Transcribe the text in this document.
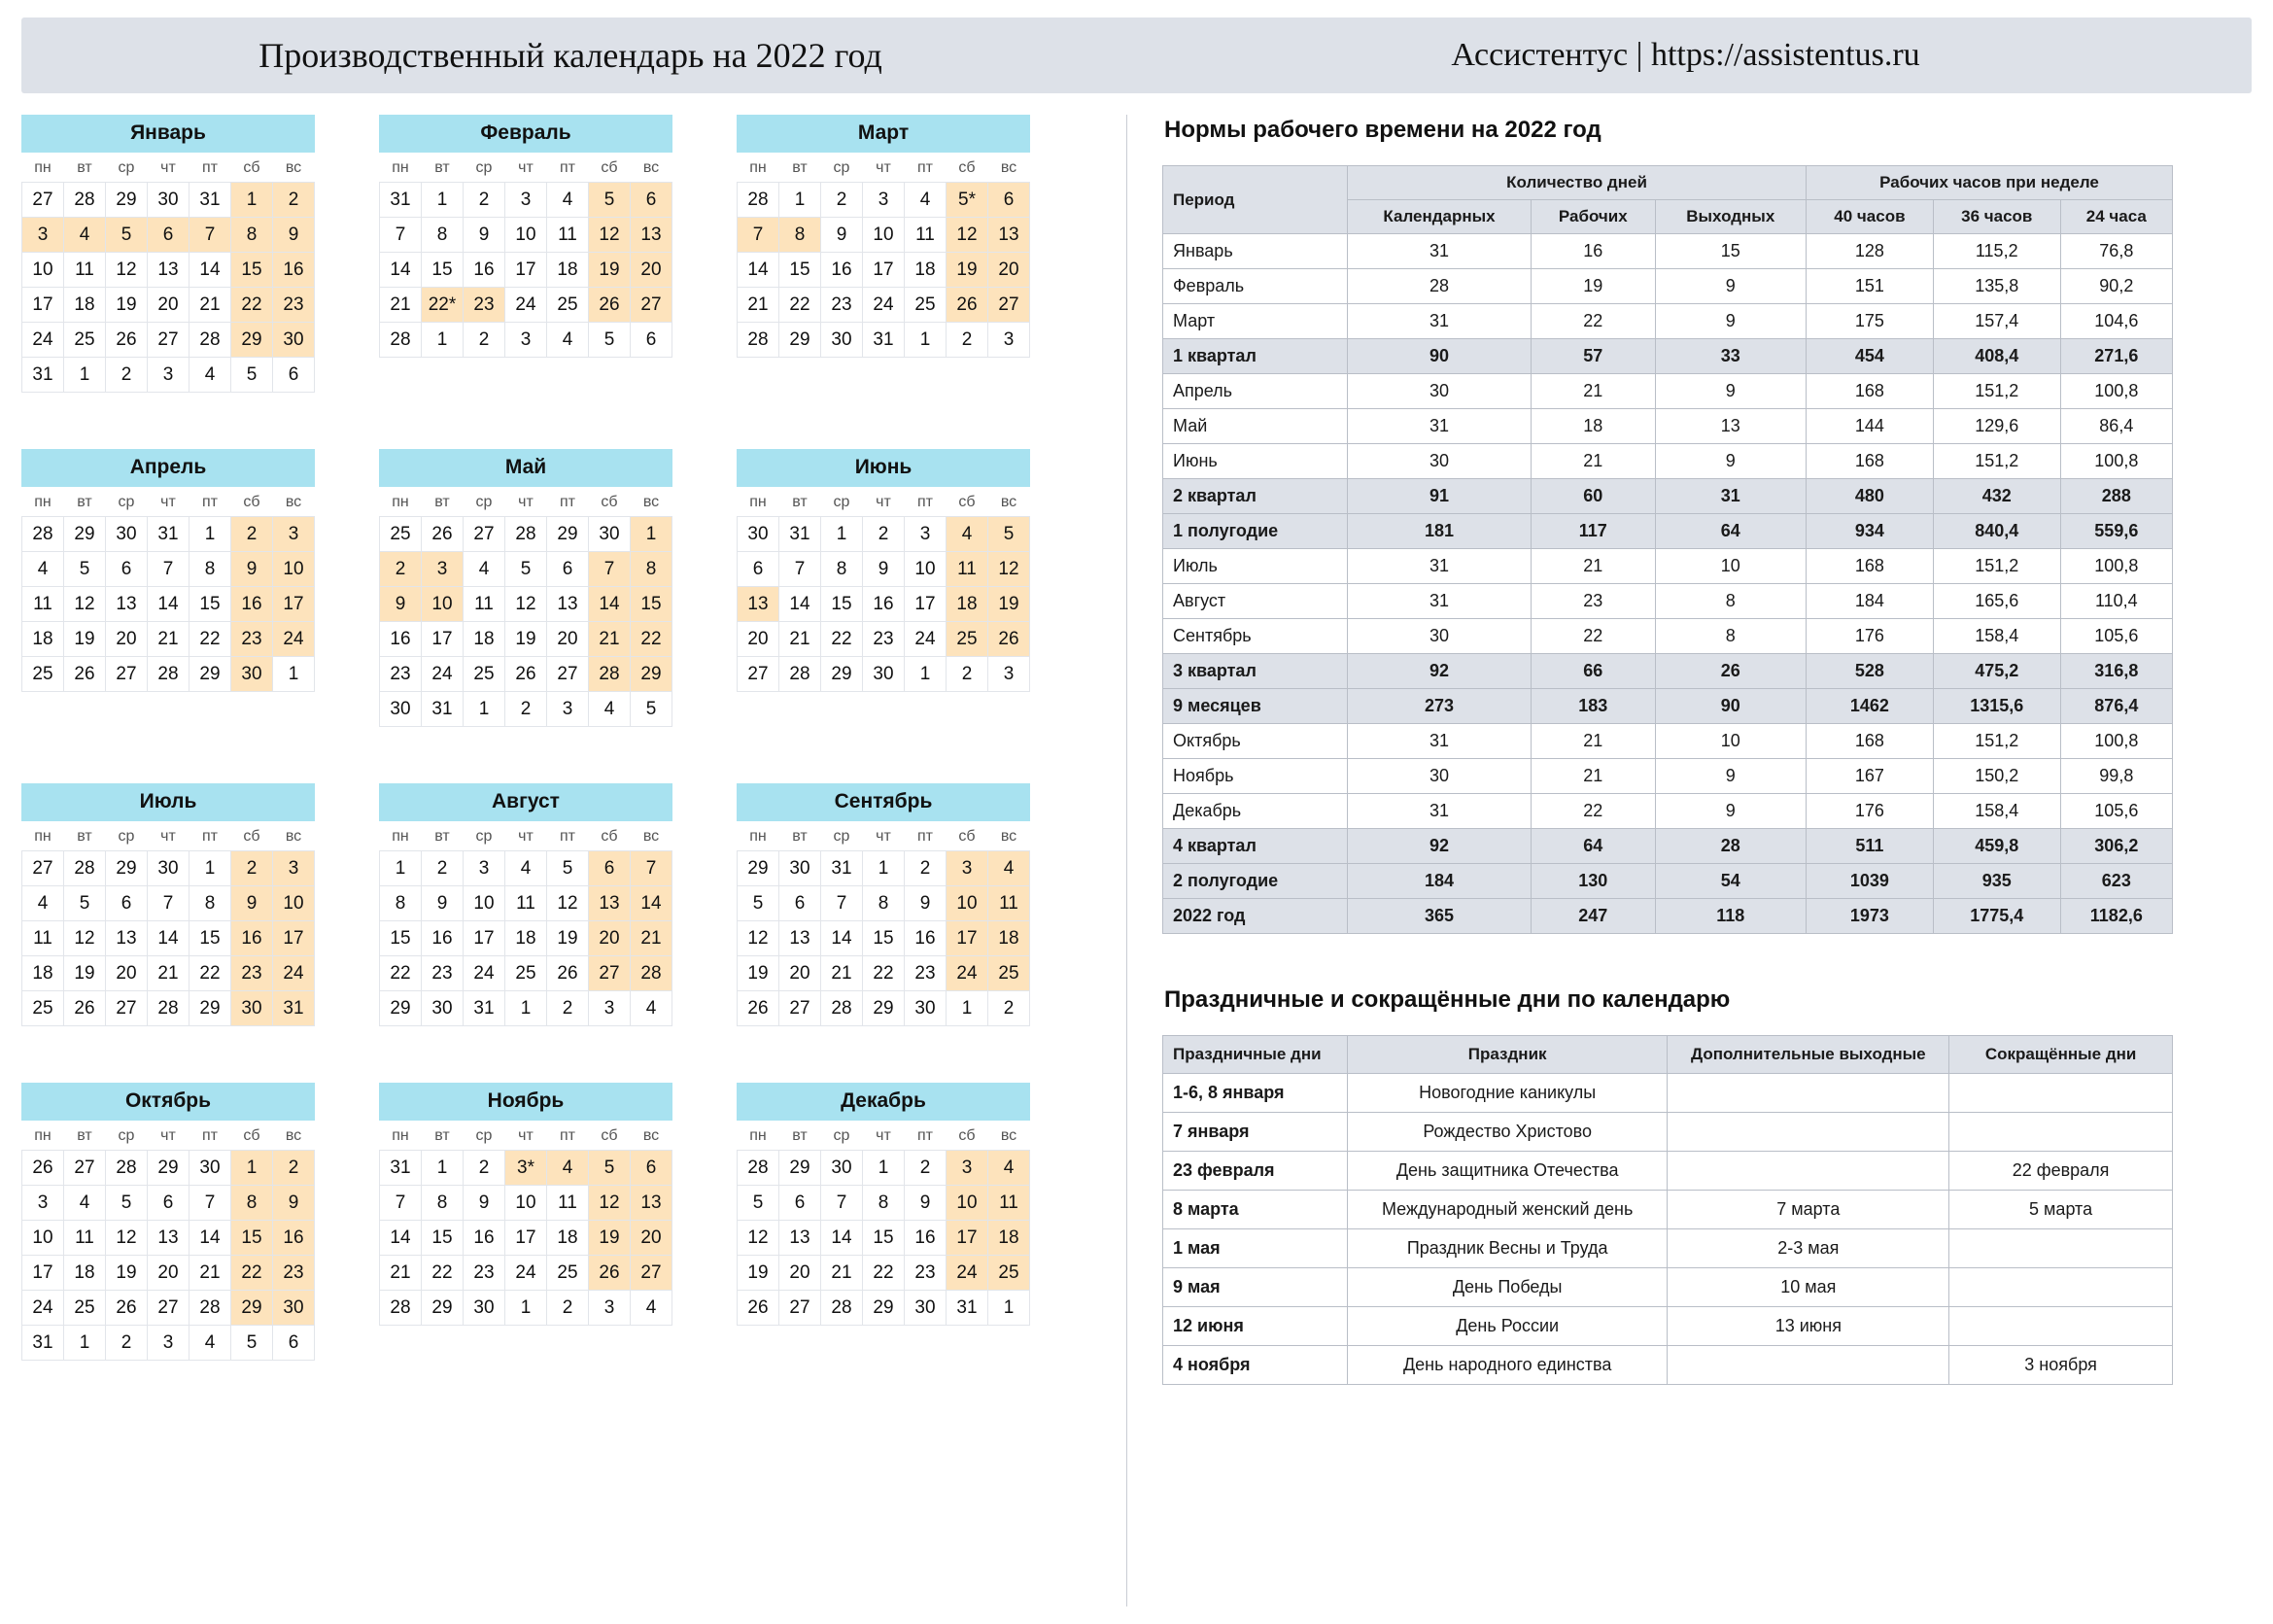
Производственный календарь на 2022 год	Ассистентус | https://assistentus.ru
Январь
пн	вт	ср	чт	пт	сб	вс
27	28	29	30	31	1	2
3	4	5	6	7	8	9
10	11	12	13	14	15	16
17	18	19	20	21	22	23
24	25	26	27	28	29	30
31	1	2	3	4	5	6
Февраль
пн	вт	ср	чт	пт	сб	вс
31	1	2	3	4	5	6
7	8	9	10	11	12	13
14	15	16	17	18	19	20
21	22*	23	24	25	26	27
28	1	2	3	4	5	6
Март
пн	вт	ср	чт	пт	сб	вс
28	1	2	3	4	5*	6
7	8	9	10	11	12	13
14	15	16	17	18	19	20
21	22	23	24	25	26	27
28	29	30	31	1	2	3
Апрель
пн	вт	ср	чт	пт	сб	вс
28	29	30	31	1	2	3
4	5	6	7	8	9	10
11	12	13	14	15	16	17
18	19	20	21	22	23	24
25	26	27	28	29	30	1
Май
пн	вт	ср	чт	пт	сб	вс
25	26	27	28	29	30	1
2	3	4	5	6	7	8
9	10	11	12	13	14	15
16	17	18	19	20	21	22
23	24	25	26	27	28	29
30	31	1	2	3	4	5
Июнь
пн	вт	ср	чт	пт	сб	вс
30	31	1	2	3	4	5
6	7	8	9	10	11	12
13	14	15	16	17	18	19
20	21	22	23	24	25	26
27	28	29	30	1	2	3
Июль
пн	вт	ср	чт	пт	сб	вс
27	28	29	30	1	2	3
4	5	6	7	8	9	10
11	12	13	14	15	16	17
18	19	20	21	22	23	24
25	26	27	28	29	30	31
Август
пн	вт	ср	чт	пт	сб	вс
1	2	3	4	5	6	7
8	9	10	11	12	13	14
15	16	17	18	19	20	21
22	23	24	25	26	27	28
29	30	31	1	2	3	4
Сентябрь
пн	вт	ср	чт	пт	сб	вс
29	30	31	1	2	3	4
5	6	7	8	9	10	11
12	13	14	15	16	17	18
19	20	21	22	23	24	25
26	27	28	29	30	1	2
Октябрь
пн	вт	ср	чт	пт	сб	вс
26	27	28	29	30	1	2
3	4	5	6	7	8	9
10	11	12	13	14	15	16
17	18	19	20	21	22	23
24	25	26	27	28	29	30
31	1	2	3	4	5	6
Ноябрь
пн	вт	ср	чт	пт	сб	вс
31	1	2	3*	4	5	6
7	8	9	10	11	12	13
14	15	16	17	18	19	20
21	22	23	24	25	26	27
28	29	30	1	2	3	4
Декабрь
пн	вт	ср	чт	пт	сб	вс
28	29	30	1	2	3	4
5	6	7	8	9	10	11
12	13	14	15	16	17	18
19	20	21	22	23	24	25
26	27	28	29	30	31	1
Нормы рабочего времени на 2022 год
Период	Количество дней			Рабочих часов при неделе		
	Календарных	Рабочих	Выходных	40 часов	36 часов	24 часа
Январь	31	16	15	128	115,2	76,8
Февраль	28	19	9	151	135,8	90,2
Март	31	22	9	175	157,4	104,6
1 квартал	90	57	33	454	408,4	271,6
Апрель	30	21	9	168	151,2	100,8
Май	31	18	13	144	129,6	86,4
Июнь	30	21	9	168	151,2	100,8
2 квартал	91	60	31	480	432	288
1 полугодие	181	117	64	934	840,4	559,6
Июль	31	21	10	168	151,2	100,8
Август	31	23	8	184	165,6	110,4
Сентябрь	30	22	8	176	158,4	105,6
3 квартал	92	66	26	528	475,2	316,8
9 месяцев	273	183	90	1462	1315,6	876,4
Октябрь	31	21	10	168	151,2	100,8
Ноябрь	30	21	9	167	150,2	99,8
Декабрь	31	22	9	176	158,4	105,6
4 квартал	92	64	28	511	459,8	306,2
2 полугодие	184	130	54	1039	935	623
2022 год	365	247	118	1973	1775,4	1182,6
Праздничные и сокращённые дни по календарю
Праздничные дни	Праздник	Дополнительные выходные	Сокращённые дни
1-6, 8 января	Новогодние каникулы		
7 января	Рождество Христово		
23 февраля	День защитника Отечества		22 февраля
8 марта	Международный женский день	7 марта	5 марта
1 мая	Праздник Весны и Труда	2-3 мая	
9 мая	День Победы	10 мая	
12 июня	День России	13 июня	
4 ноября	День народного единства		3 ноября
